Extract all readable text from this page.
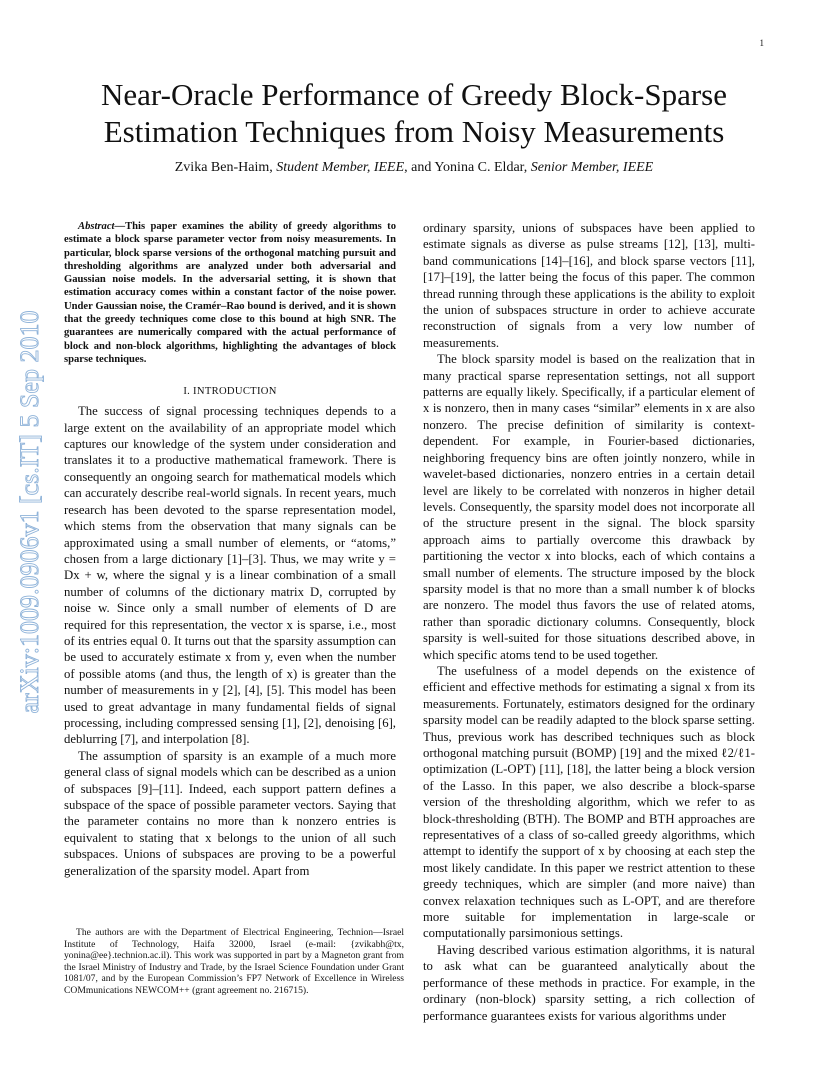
1
arXiv:1009.0906v1 [cs.IT] 5 Sep 2010
Near-Oracle Performance of Greedy Block-Sparse
Estimation Techniques from Noisy Measurements
Zvika Ben-Haim, Student Member, IEEE, and Yonina C. Eldar, Senior Member, IEEE

Abstract—This paper examines the ability of greedy algorithms to estimate a block sparse parameter vector from noisy measurements. In particular, block sparse versions of the orthogonal matching pursuit and thresholding algorithms are analyzed under both adversarial and Gaussian noise models. In the adversarial setting, it is shown that estimation accuracy comes within a constant factor of the noise power. Under Gaussian noise, the Cramér–Rao bound is derived, and it is shown that the greedy techniques come close to this bound at high SNR. The guarantees are numerically compared with the actual performance of block and non-block algorithms, highlighting the advantages of block sparse techniques.

I. INTRODUCTION

The success of signal processing techniques depends to a large extent on the availability of an appropriate model which captures our knowledge of the system under consideration and translates it to a productive mathematical framework. There is consequently an ongoing search for mathematical models which can accurately describe real-world signals. In recent years, much research has been devoted to the sparse representation model, which stems from the observation that many signals can be approximated using a small number of elements, or “atoms,” chosen from a large dictionary [1]–[3]. Thus, we may write y = Dx + w, where the signal y is a linear combination of a small number of columns of the dictionary matrix D, corrupted by noise w. Since only a small number of elements of D are required for this representation, the vector x is sparse, i.e., most of its entries equal 0. It turns out that the sparsity assumption can be used to accurately estimate x from y, even when the number of possible atoms (and thus, the length of x) is greater than the number of measurements in y [2], [4], [5]. This model has been used to great advantage in many fundamental fields of signal processing, including compressed sensing [1], [2], denoising [6], deblurring [7], and interpolation [8].

The assumption of sparsity is an example of a much more general class of signal models which can be described as a union of subspaces [9]–[11]. Indeed, each support pattern defines a subspace of the space of possible parameter vectors. Saying that the parameter contains no more than k nonzero entries is equivalent to stating that x belongs to the union of all such subspaces. Unions of subspaces are proving to be a powerful generalization of the sparsity model. Apart from

The authors are with the Department of Electrical Engineering, Technion—Israel Institute of Technology, Haifa 32000, Israel (e-mail: {zvikabh@tx, yonina@ee}.technion.ac.il). This work was supported in part by a Magneton grant from the Israel Ministry of Industry and Trade, by the Israel Science Foundation under Grant 1081/07, and by the European Commission’s FP7 Network of Excellence in Wireless COMmunications NEWCOM++ (grant agreement no. 216715).

ordinary sparsity, unions of subspaces have been applied to estimate signals as diverse as pulse streams [12], [13], multi-band communications [14]–[16], and block sparse vectors [11], [17]–[19], the latter being the focus of this paper. The common thread running through these applications is the ability to exploit the union of subspaces structure in order to achieve accurate reconstruction of signals from a very low number of measurements.

The block sparsity model is based on the realization that in many practical sparse representation settings, not all support patterns are equally likely. Specifically, if a particular element of x is nonzero, then in many cases “similar” elements in x are also nonzero. The precise definition of similarity is context-dependent. For example, in Fourier-based dictionaries, neighboring frequency bins are often jointly nonzero, while in wavelet-based dictionaries, nonzero entries in a certain detail level are likely to be correlated with nonzeros in higher detail levels. Consequently, the sparsity model does not incorporate all of the structure present in the signal. The block sparsity approach aims to partially overcome this drawback by partitioning the vector x into blocks, each of which contains a small number of elements. The structure imposed by the block sparsity model is that no more than a small number k of blocks are nonzero. The model thus favors the use of related atoms, rather than sporadic dictionary columns. Consequently, block sparsity is well-suited for those situations described above, in which specific atoms tend to be used together.

The usefulness of a model depends on the existence of efficient and effective methods for estimating a signal x from its measurements. Fortunately, estimators designed for the ordinary sparsity model can be readily adapted to the block sparse setting. Thus, previous work has described techniques such as block orthogonal matching pursuit (BOMP) [19] and the mixed ℓ2/ℓ1-optimization (L-OPT) [11], [18], the latter being a block version of the Lasso. In this paper, we also describe a block-sparse version of the thresholding algorithm, which we refer to as block-thresholding (BTH). The BOMP and BTH approaches are representatives of a class of so-called greedy algorithms, which attempt to identify the support of x by choosing at each step the most likely candidate. In this paper we restrict attention to these greedy techniques, which are simpler (and more naive) than convex relaxation techniques such as L-OPT, and are therefore more suitable for implementation in large-scale or computationally parsimonious settings.

Having described various estimation algorithms, it is natural to ask what can be guaranteed analytically about the performance of these methods in practice. For example, in the ordinary (non-block) sparsity setting, a rich collection of performance guarantees exists for various algorithms under
